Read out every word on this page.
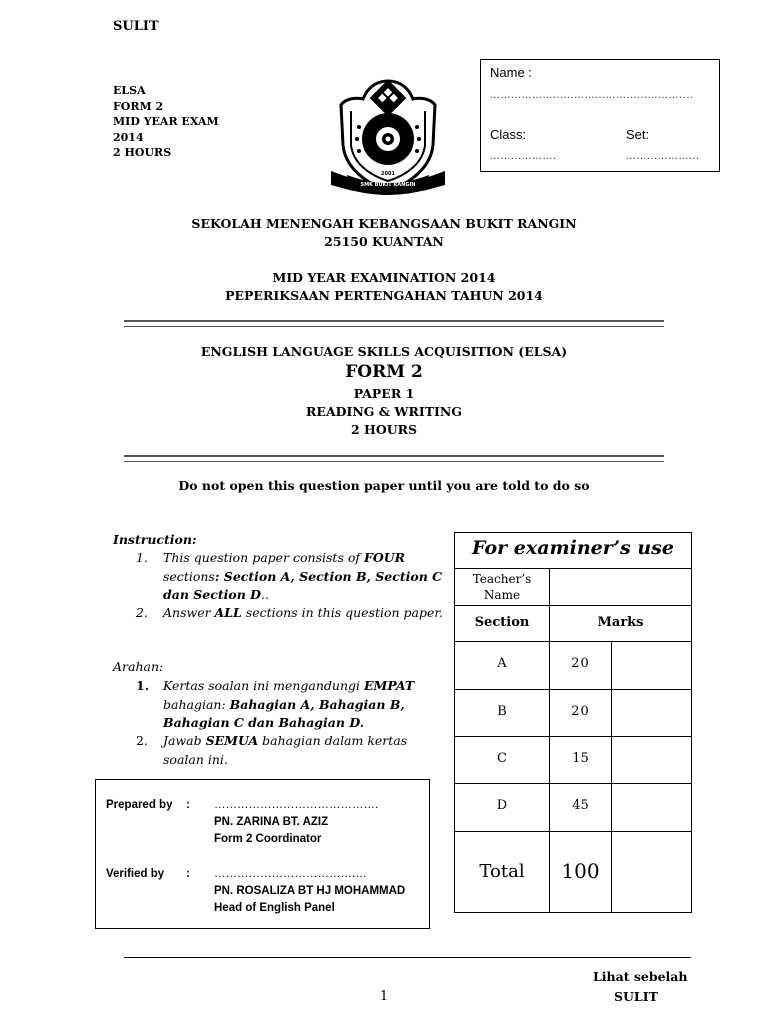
SULIT
ELSA
FORM 2
MID YEAR EXAM
2014
2 HOURS
SMK BUKIT RANGIN
2001
Name :
………………………………………………....
Class:
……………….
Set:
…………………
SEKOLAH MENENGAH KEBANGSAAN BUKIT RANGIN
25150 KUANTAN
MID YEAR EXAMINATION 2014
PEPERIKSAAN PERTENGAHAN TAHUN 2014
ENGLISH LANGUAGE SKILLS ACQUISITION (ELSA)
FORM 2
PAPER 1
READING & WRITING
2 HOURS
Do not open this question paper until you are told to do so
Instruction:
1. This question paper consists of FOUR
sections: Section A, Section B, Section C
dan Section D..
2. Answer ALL sections in this question paper.
Arahan:
1. Kertas soalan ini mengandungi EMPAT
bahagian: Bahagian A, Bahagian B,
Bahagian C dan Bahagian D.
2. Jawab SEMUA bahagian dalam kertas
soalan ini.
Prepared by : …………………………………….
PN. ZARINA BT. AZIZ
Form 2 Coordinator
Verified by : ……………………………….…
PN. ROSALIZA BT HJ MOHAMMAD
Head of English Panel
For examiner’s use
Teacher’s Name
Section	Marks
A	20
B	20
C	15
D	45
Total	100
1
Lihat sebelah
SULIT
